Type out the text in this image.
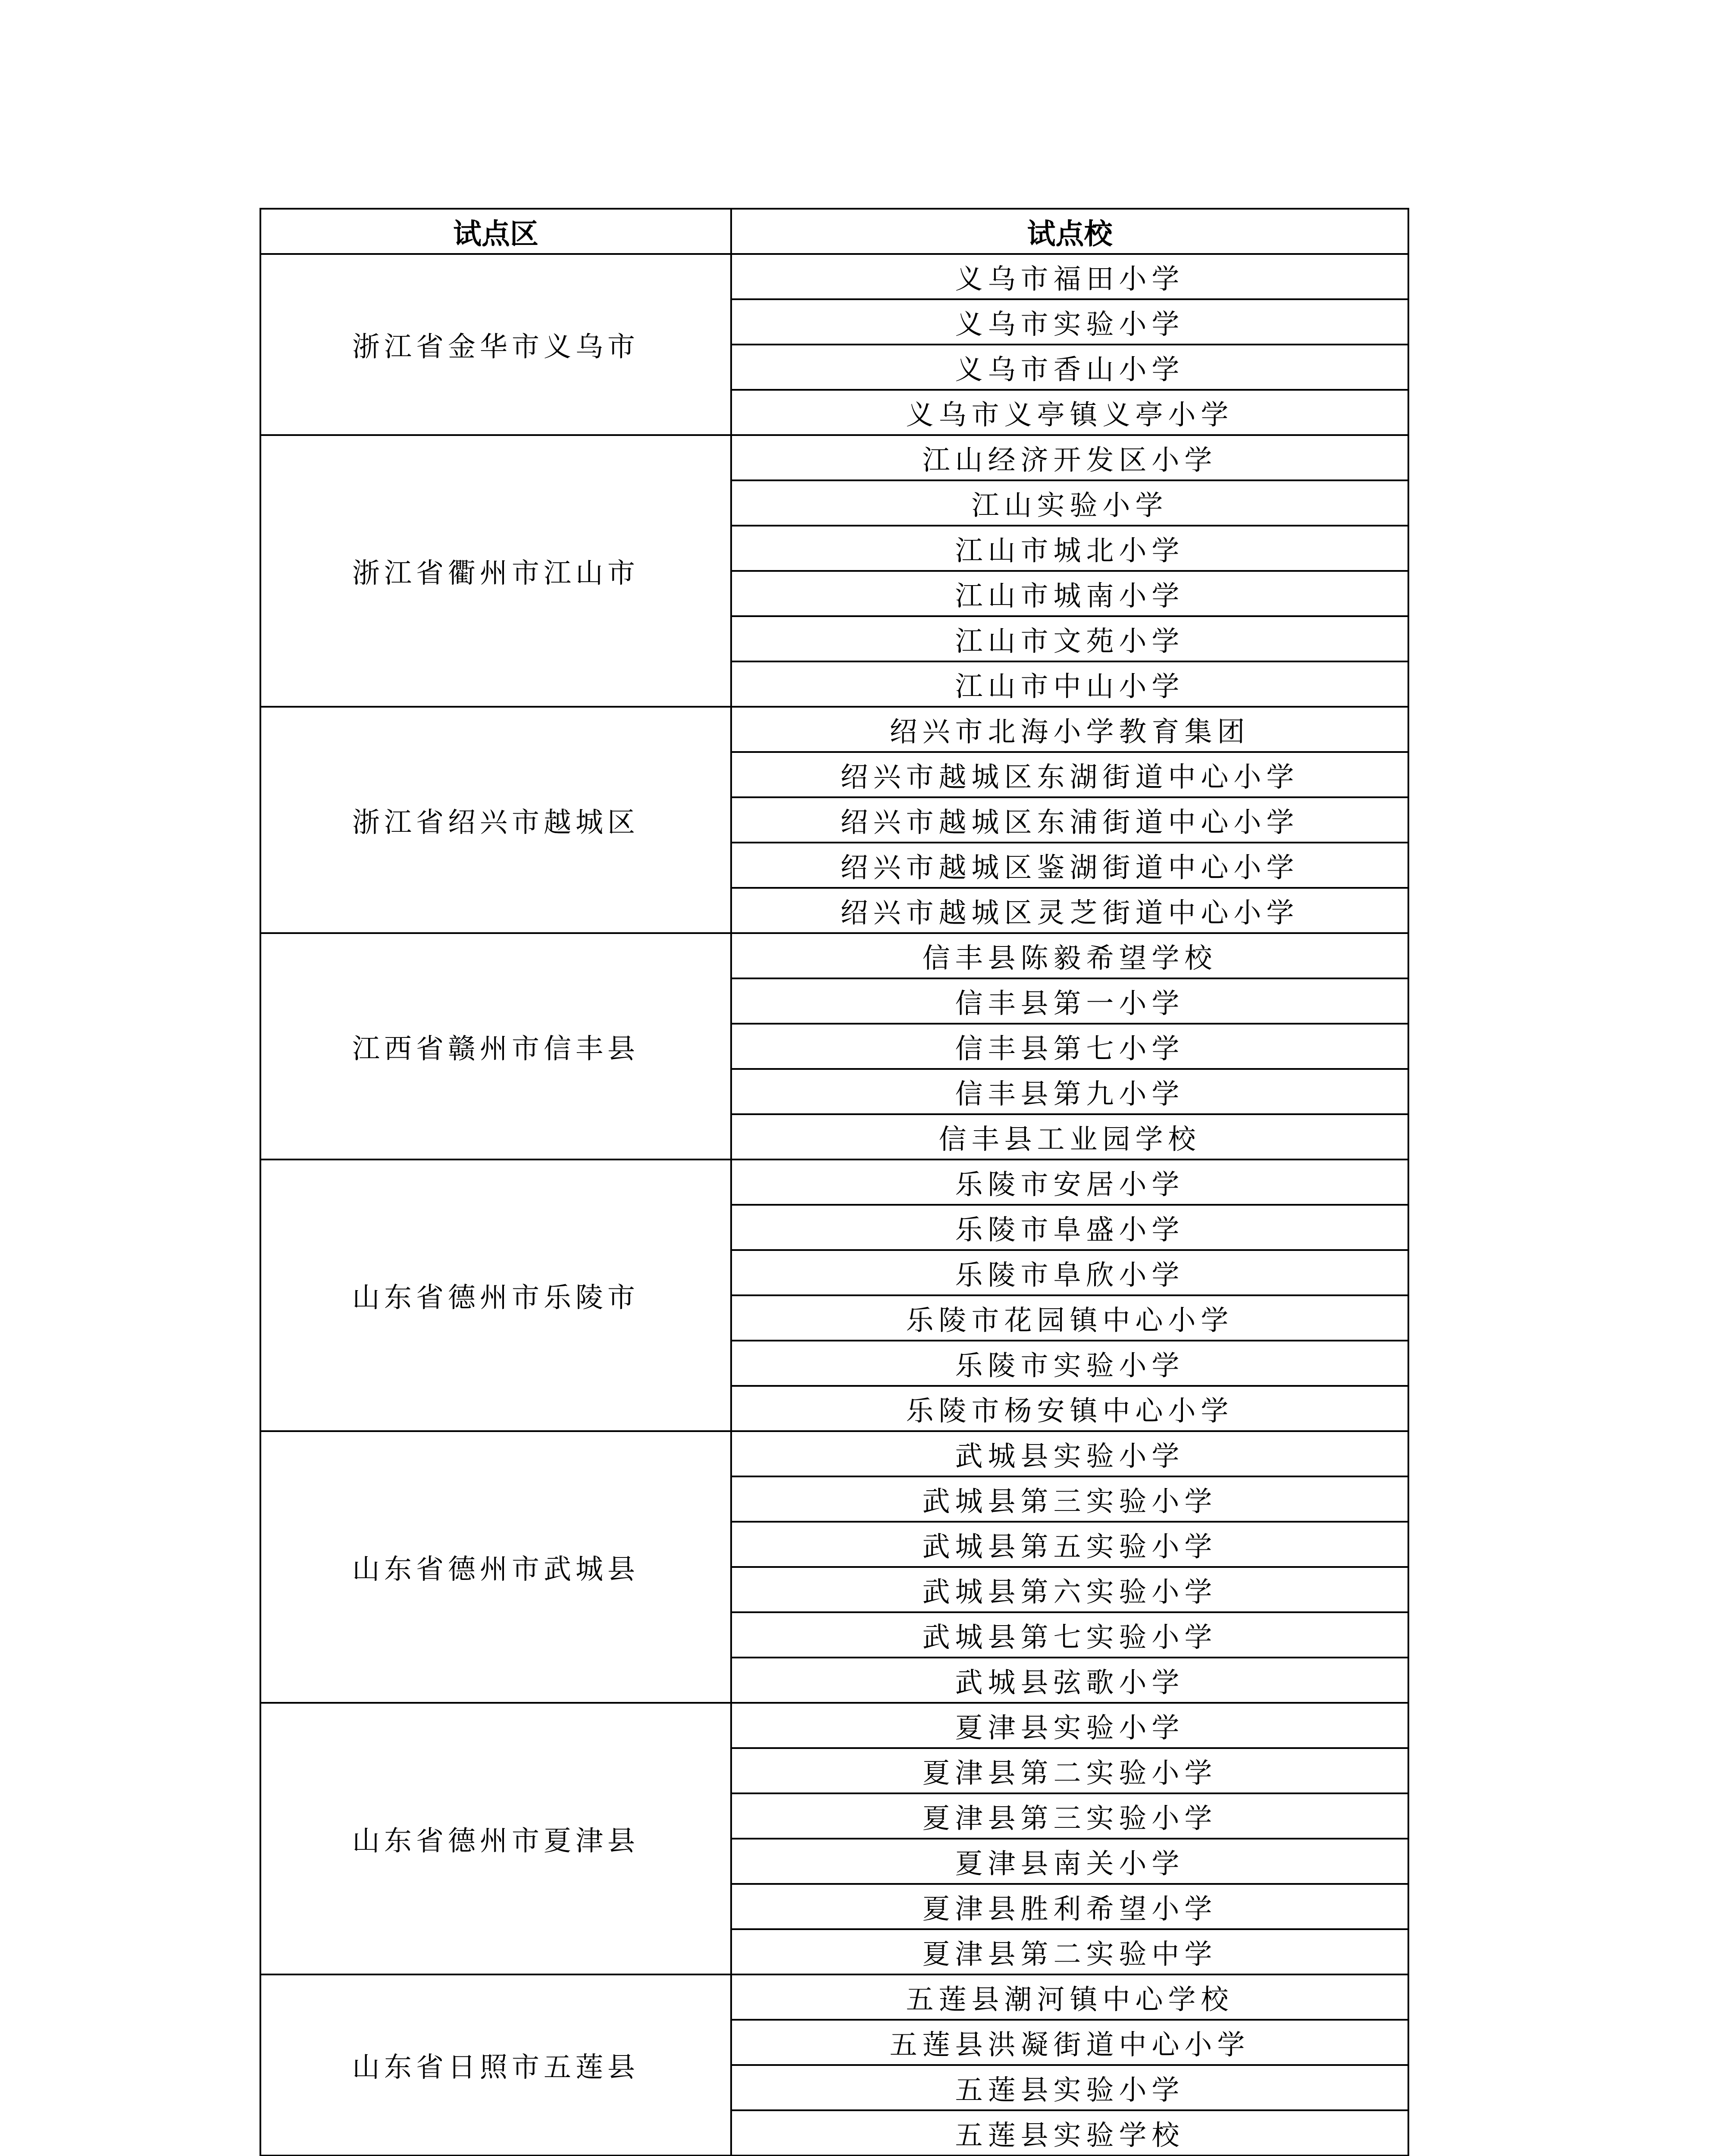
试点区	试点校
浙江省金华市义乌市	义乌市福田小学
	义乌市实验小学
	义乌市香山小学
	义乌市义亭镇义亭小学
浙江省衢州市江山市	江山经济开发区小学
	江山实验小学
	江山市城北小学
	江山市城南小学
	江山市文苑小学
	江山市中山小学
浙江省绍兴市越城区	绍兴市北海小学教育集团
	绍兴市越城区东湖街道中心小学
	绍兴市越城区东浦街道中心小学
	绍兴市越城区鉴湖街道中心小学
	绍兴市越城区灵芝街道中心小学
江西省赣州市信丰县	信丰县陈毅希望学校
	信丰县第一小学
	信丰县第七小学
	信丰县第九小学
	信丰县工业园学校
山东省德州市乐陵市	乐陵市安居小学
	乐陵市阜盛小学
	乐陵市阜欣小学
	乐陵市花园镇中心小学
	乐陵市实验小学
	乐陵市杨安镇中心小学
山东省德州市武城县	武城县实验小学
	武城县第三实验小学
	武城县第五实验小学
	武城县第六实验小学
	武城县第七实验小学
	武城县弦歌小学
山东省德州市夏津县	夏津县实验小学
	夏津县第二实验小学
	夏津县第三实验小学
	夏津县南关小学
	夏津县胜利希望小学
	夏津县第二实验中学
山东省日照市五莲县	五莲县潮河镇中心学校
	五莲县洪凝街道中心小学
	五莲县实验小学
	五莲县实验学校
